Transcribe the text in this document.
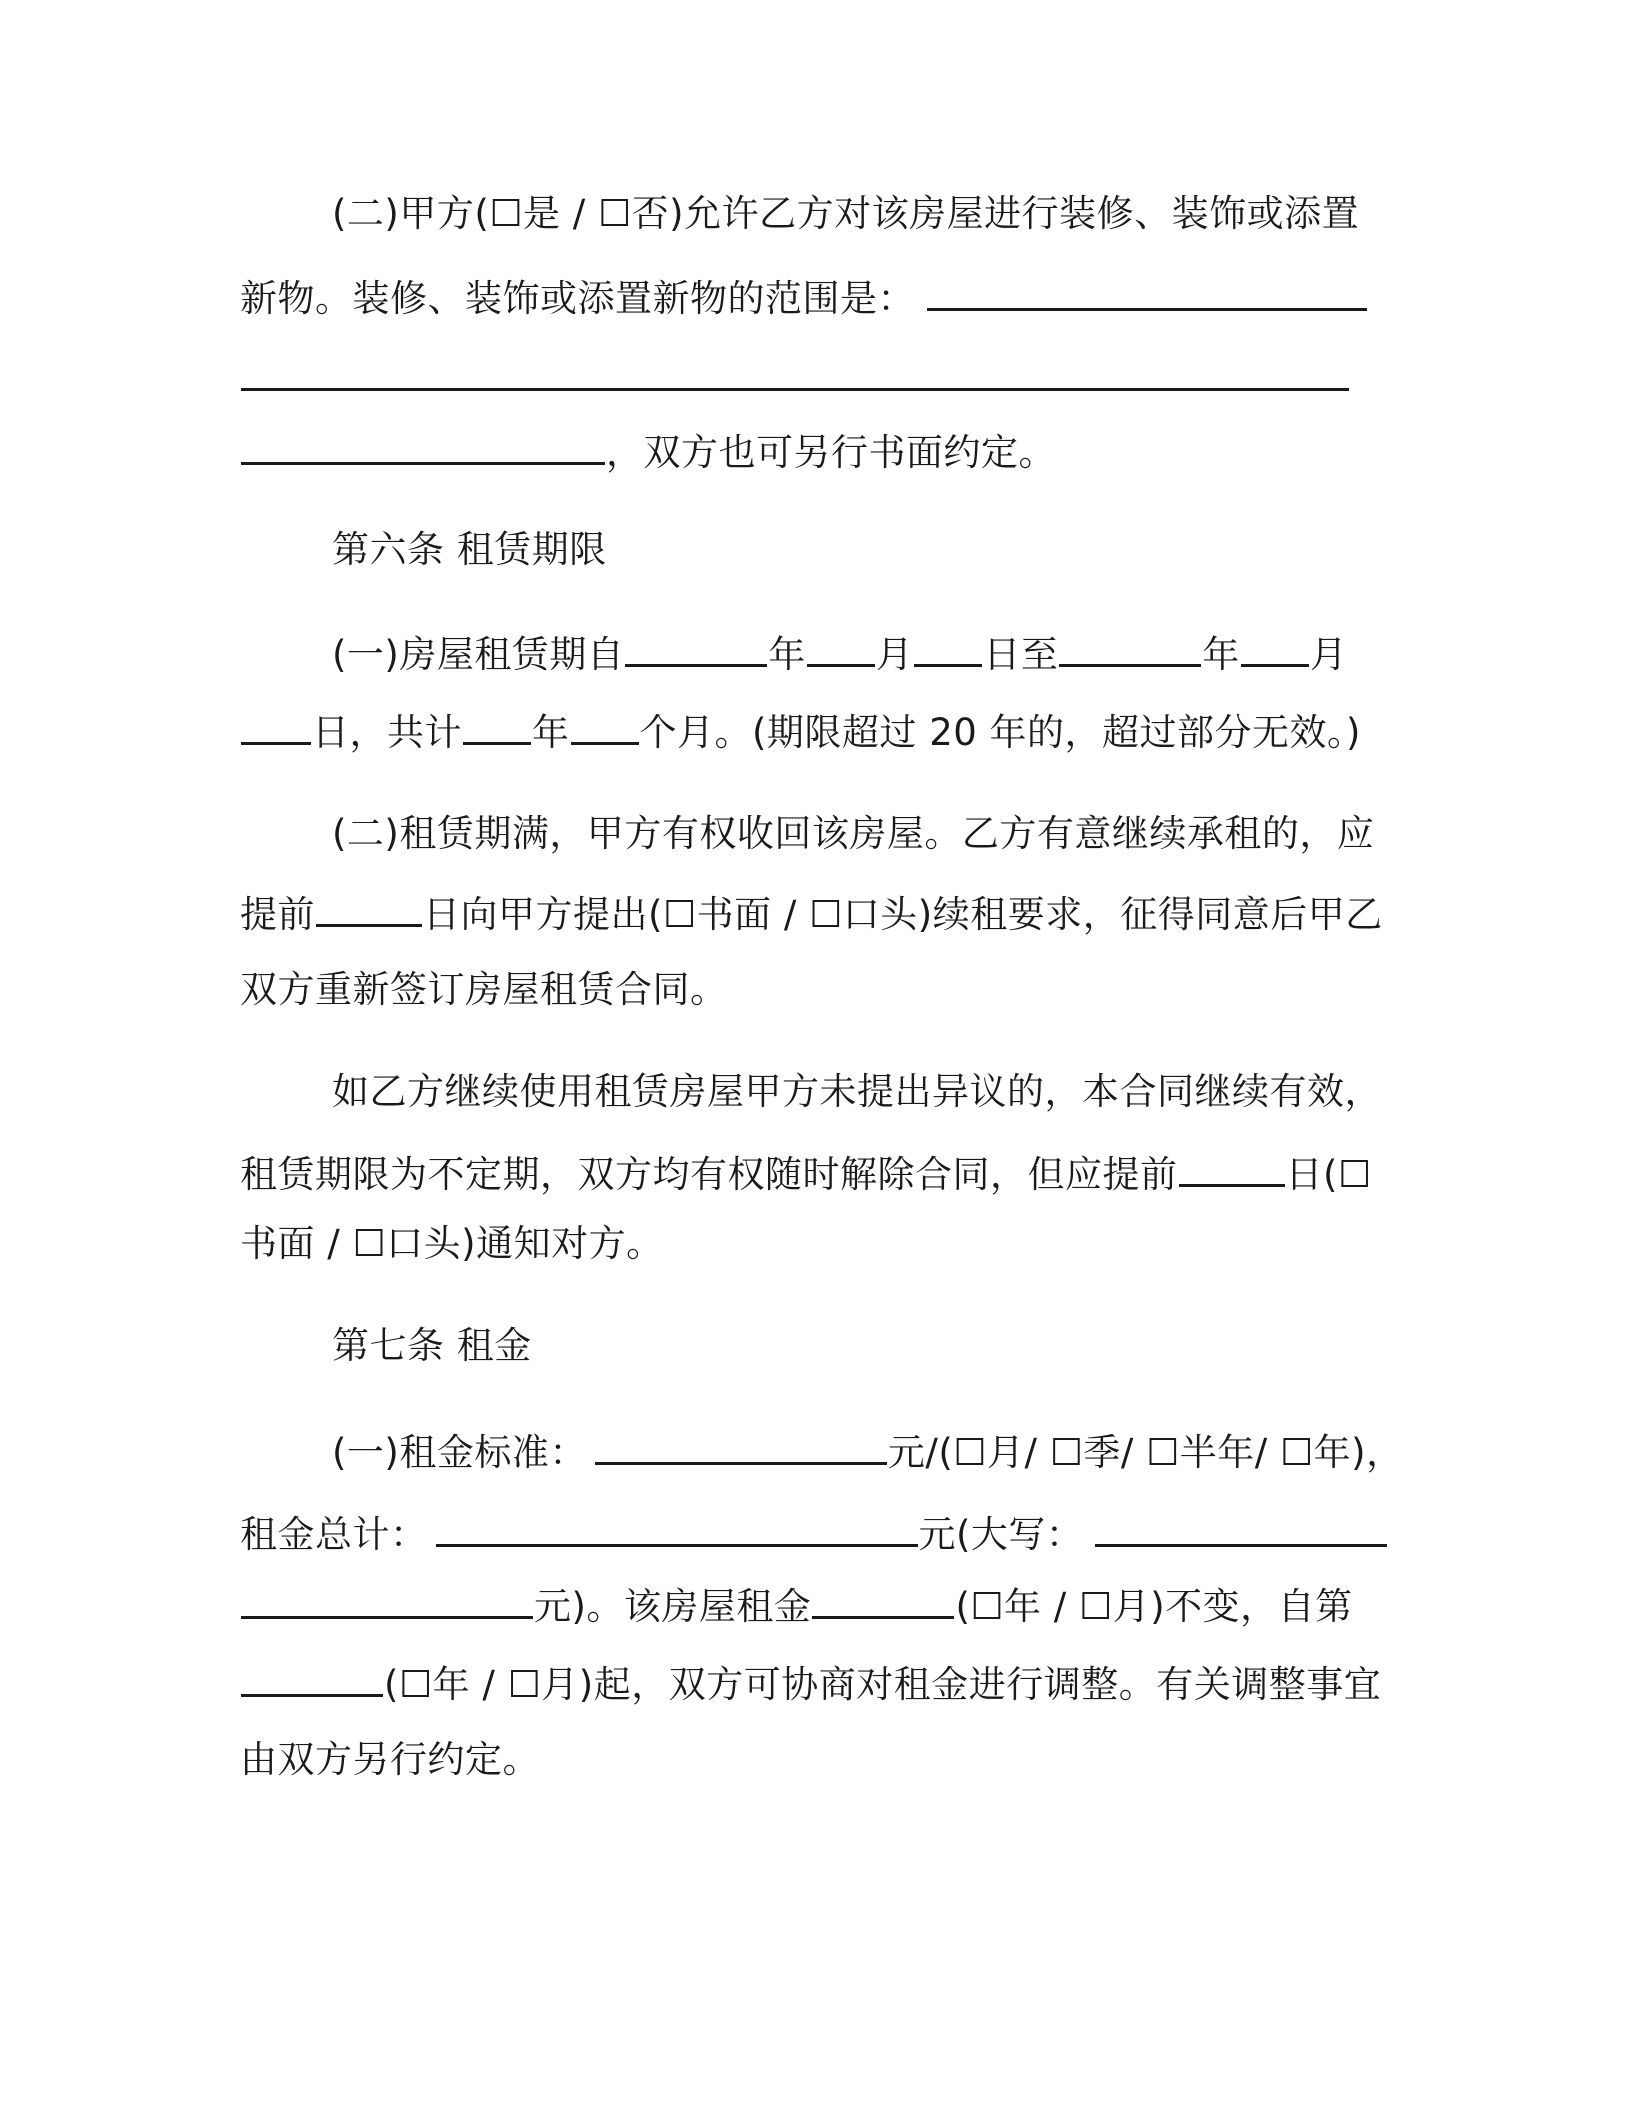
(二)甲方(☐是 / ☐否)允许乙方对该房屋进行装修、装饰或添置
新物。装修、装饰或添置新物的范围是：
，双方也可另行书面约定。
第六条 租赁期限
(一)房屋租赁期自	年 月 日至	年 月
日，共计 年 个月。(期限超过 20 年的，超过部分无效。)
(二)租赁期满，甲方有权收回该房屋。乙方有意继续承租的，应
提前	日向甲方提出(☐书面 / ☐口头)续租要求，征得同意后甲乙
双方重新签订房屋租赁合同。
如乙方继续使用租赁房屋甲方未提出异议的，本合同继续有效，
租赁期限为不定期，双方均有权随时解除合同，但应提前	日(☐
书面 / ☐口头)通知对方。
第七条 租金
(一)租金标准：	元/(☐月/ ☐季/ ☐半年/ ☐年)，
租金总计：	元(大写：
元)。该房屋租金	(☐年 / ☐月)不变，自第
(☐年 / ☐月)起，双方可协商对租金进行调整。有关调整事宜
由双方另行约定。
